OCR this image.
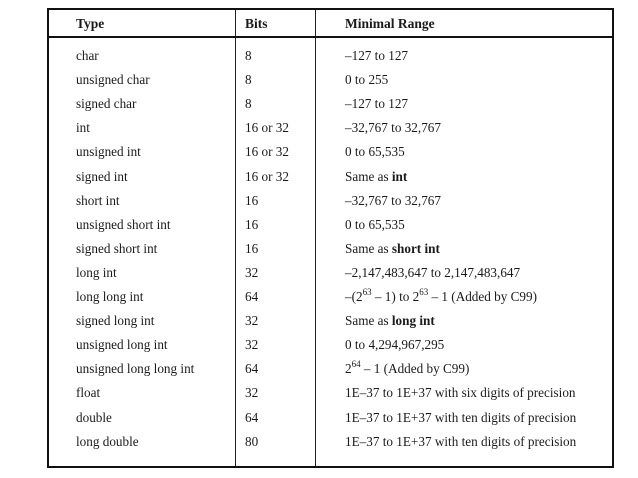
Type	Bits	Minimal Range
char	8	–127 to 127
unsigned char	8	0 to 255
signed char	8	–127 to 127
int	16 or 32	–32,767 to 32,767
unsigned int	16 or 32	0 to 65,535
signed int	16 or 32	Same as int
short int	16	–32,767 to 32,767
unsigned short int	16	0 to 65,535
signed short int	16	Same as short int
long int	32	–2,147,483,647 to 2,147,483,647
long long int	64	$-(2^{63} - 1)$ to $2^{63} - 1$ (Added by C99)
signed long int	32	Same as long int
unsigned long int	32	0 to 4,294,967,295
unsigned long long int	64	$2^{64} - 1$ (Added by C99)
float	32	1E–37 to 1E+37 with six digits of precision
double	64	1E–37 to 1E+37 with ten digits of precision
long double	80	1E–37 to 1E+37 with ten digits of precision
